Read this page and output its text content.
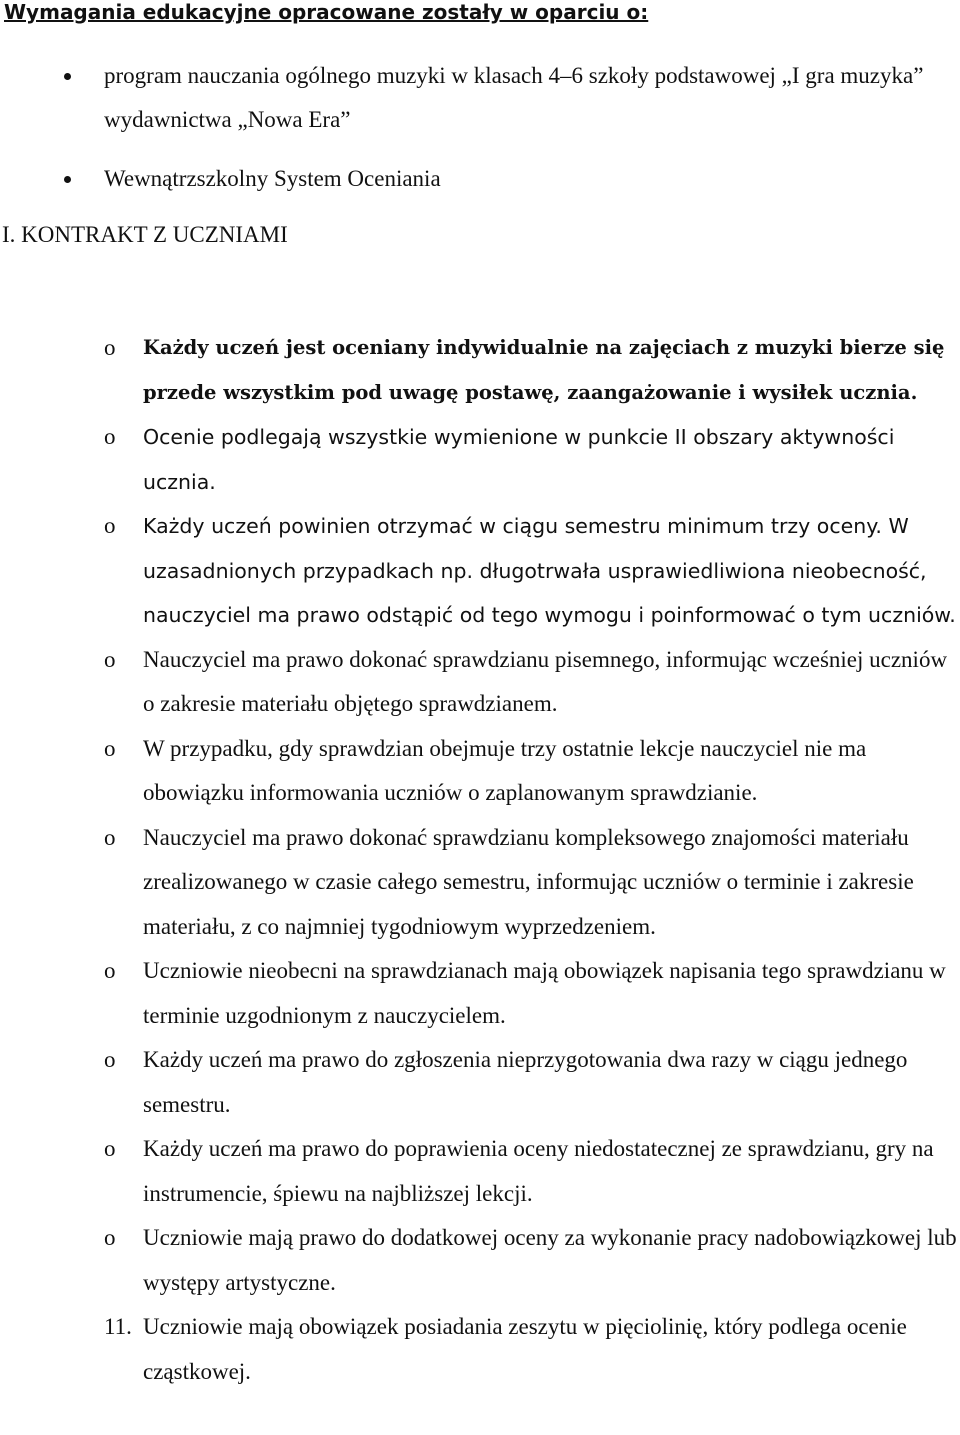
Wymagania edukacyjne opracowane zostały w oparciu o:
program nauczania ogólnego muzyki w klasach 4–6 szkoły podstawowej „I gra muzyka” wydawnictwa „Nowa Era”
Wewnątrzszkolny System Oceniania
I. KONTRAKT Z UCZNIAMI
o Każdy uczeń jest oceniany indywidualnie na zajęciach z muzyki bierze się przede wszystkim pod uwagę postawę, zaangażowanie i wysiłek ucznia.
o Ocenie podlegają wszystkie wymienione w punkcie II obszary aktywności ucznia.
o Każdy uczeń powinien otrzymać w ciągu semestru minimum trzy oceny. W uzasadnionych przypadkach np. długotrwała usprawiedliwiona nieobecność, nauczyciel ma prawo odstąpić od tego wymogu i poinformować o tym uczniów.
o Nauczyciel ma prawo dokonać sprawdzianu pisemnego, informując wcześniej uczniów o zakresie materiału objętego sprawdzianem.
o W przypadku, gdy sprawdzian obejmuje trzy ostatnie lekcje nauczyciel nie ma obowiązku informowania uczniów o zaplanowanym sprawdzianie.
o Nauczyciel ma prawo dokonać sprawdzianu kompleksowego znajomości materiału zrealizowanego w czasie całego semestru, informując uczniów o terminie i zakresie materiału, z co najmniej tygodniowym wyprzedzeniem.
o Uczniowie nieobecni na sprawdzianach mają obowiązek napisania tego sprawdzianu w terminie uzgodnionym z nauczycielem.
o Każdy uczeń ma prawo do zgłoszenia nieprzygotowania dwa razy w ciągu jednego semestru.
o Każdy uczeń ma prawo do poprawienia oceny niedostatecznej ze sprawdzianu, gry na instrumencie, śpiewu na najbliższej lekcji.
o Uczniowie mają prawo do dodatkowej oceny za wykonanie pracy nadobowiązkowej lub występy artystyczne.
11. Uczniowie mają obowiązek posiadania zeszytu w pięciolinię, który podlega ocenie cząstkowej.
